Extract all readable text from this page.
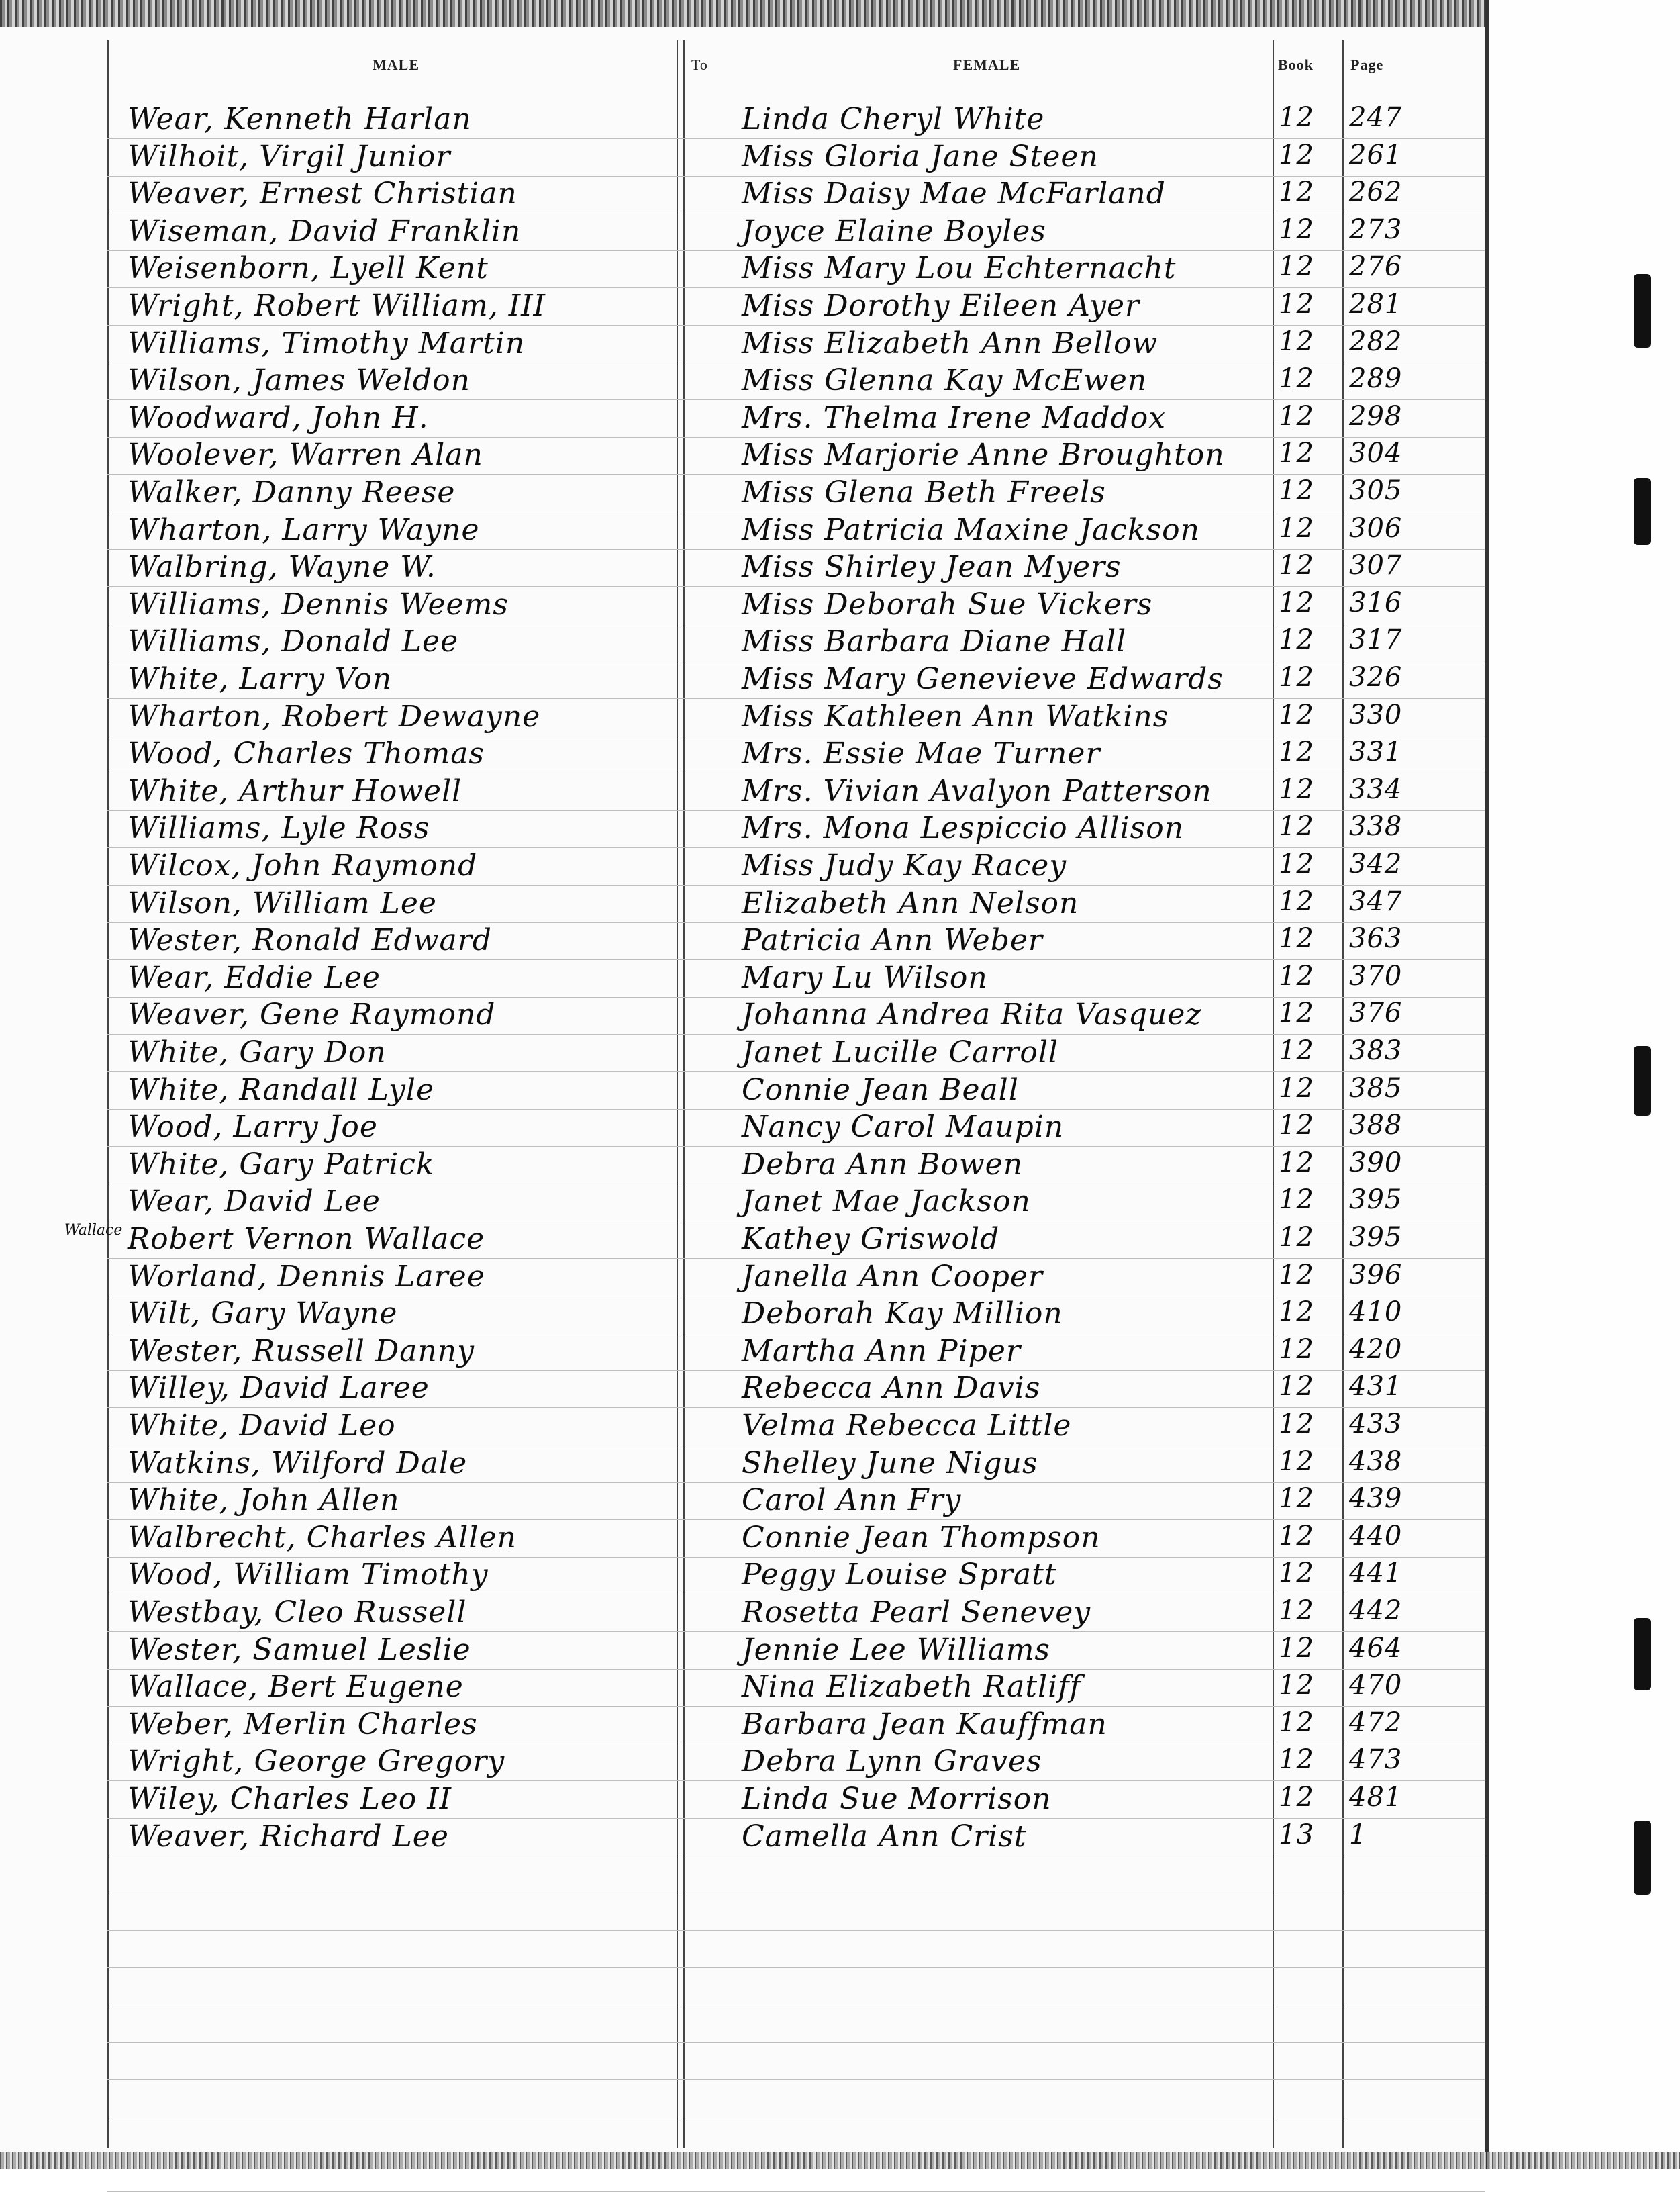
MALE	To	FEMALE	Book	Page
Wear, Kenneth Harlan	Linda Cheryl White	12 247
Wilhoit, Virgil Junior	Miss Gloria Jane Steen	12 261
Weaver, Ernest Christian	Miss Daisy Mae McFarland	12 262
Wiseman, David Franklin	Joyce Elaine Boyles	12 273
Weisenborn, Lyell Kent	Miss Mary Lou Echternacht	12 276
Wright, Robert William, III	Miss Dorothy Eileen Ayer	12 281
Williams, Timothy Martin	Miss Elizabeth Ann Bellow	12 282
Wilson, James Weldon	Miss Glenna Kay McEwen	12 289
Woodward, John H.	Mrs. Thelma Irene Maddox	12 298
Woolever, Warren Alan	Miss Marjorie Anne Broughton 12 304
Walker, Danny Reese	Miss Glena Beth Freels	12 305
Wharton, Larry Wayne	Miss Patricia Maxine Jackson	12 306
Walbring, Wayne W.	Miss Shirley Jean Myers	12 307
Williams, Dennis Weems	Miss Deborah Sue Vickers	12 316
Williams, Donald Lee	Miss Barbara Diane Hall	12 317
White, Larry Von	Miss Mary Genevieve Edwards 12 326
Wharton, Robert Dewayne	Miss Kathleen Ann Watkins	12 330
Wood, Charles Thomas	Mrs. Essie Mae Turner	12 331
White, Arthur Howell	Mrs. Vivian Avalyon Patterson 12 334
Williams, Lyle Ross	Mrs. Mona Lespiccio Allison	12 338
Wilcox, John Raymond	Miss Judy Kay Racey	12 342
Wilson, William Lee	Elizabeth Ann Nelson	12 347
Wester, Ronald Edward	Patricia Ann Weber	12 363
Wear, Eddie Lee	Mary Lu Wilson	12 370
Weaver, Gene Raymond	Johanna Andrea Rita Vasquez	12 376
White, Gary Don	Janet Lucille Carroll	12 383
White, Randall Lyle	Connie Jean Beall	12 385
Wood, Larry Joe	Nancy Carol Maupin	12 388
White, Gary Patrick	Debra Ann Bowen	12 390
Wear, David Lee	Janet Mae Jackson	12 395
Robert Vernon Wallace	Kathey Griswold	12 395
Worland, Dennis Laree	Janella Ann Cooper	12 396
Wilt, Gary Wayne	Deborah Kay Million	12 410
Wester, Russell Danny	Martha Ann Piper	12 420
Willey, David Laree	Rebecca Ann Davis	12 431
White, David Leo	Velma Rebecca Little	12 433
Watkins, Wilford Dale	Shelley June Nigus	12 438
White, John Allen	Carol Ann Fry	12 439
Walbrecht, Charles Allen	Connie Jean Thompson	12 440
Wood, William Timothy	Peggy Louise Spratt	12 441
Westbay, Cleo Russell	Rosetta Pearl Senevey	12 442
Wester, Samuel Leslie	Jennie Lee Williams	12 464
Wallace, Bert Eugene	Nina Elizabeth Ratliff	12 470
Weber, Merlin Charles	Barbara Jean Kauffman	12 472
Wright, George Gregory	Debra Lynn Graves	12 473
Wiley, Charles Leo II	Linda Sue Morrison	12 481
Weaver, Richard Lee	Camella Ann Crist	13 1
Wallace
